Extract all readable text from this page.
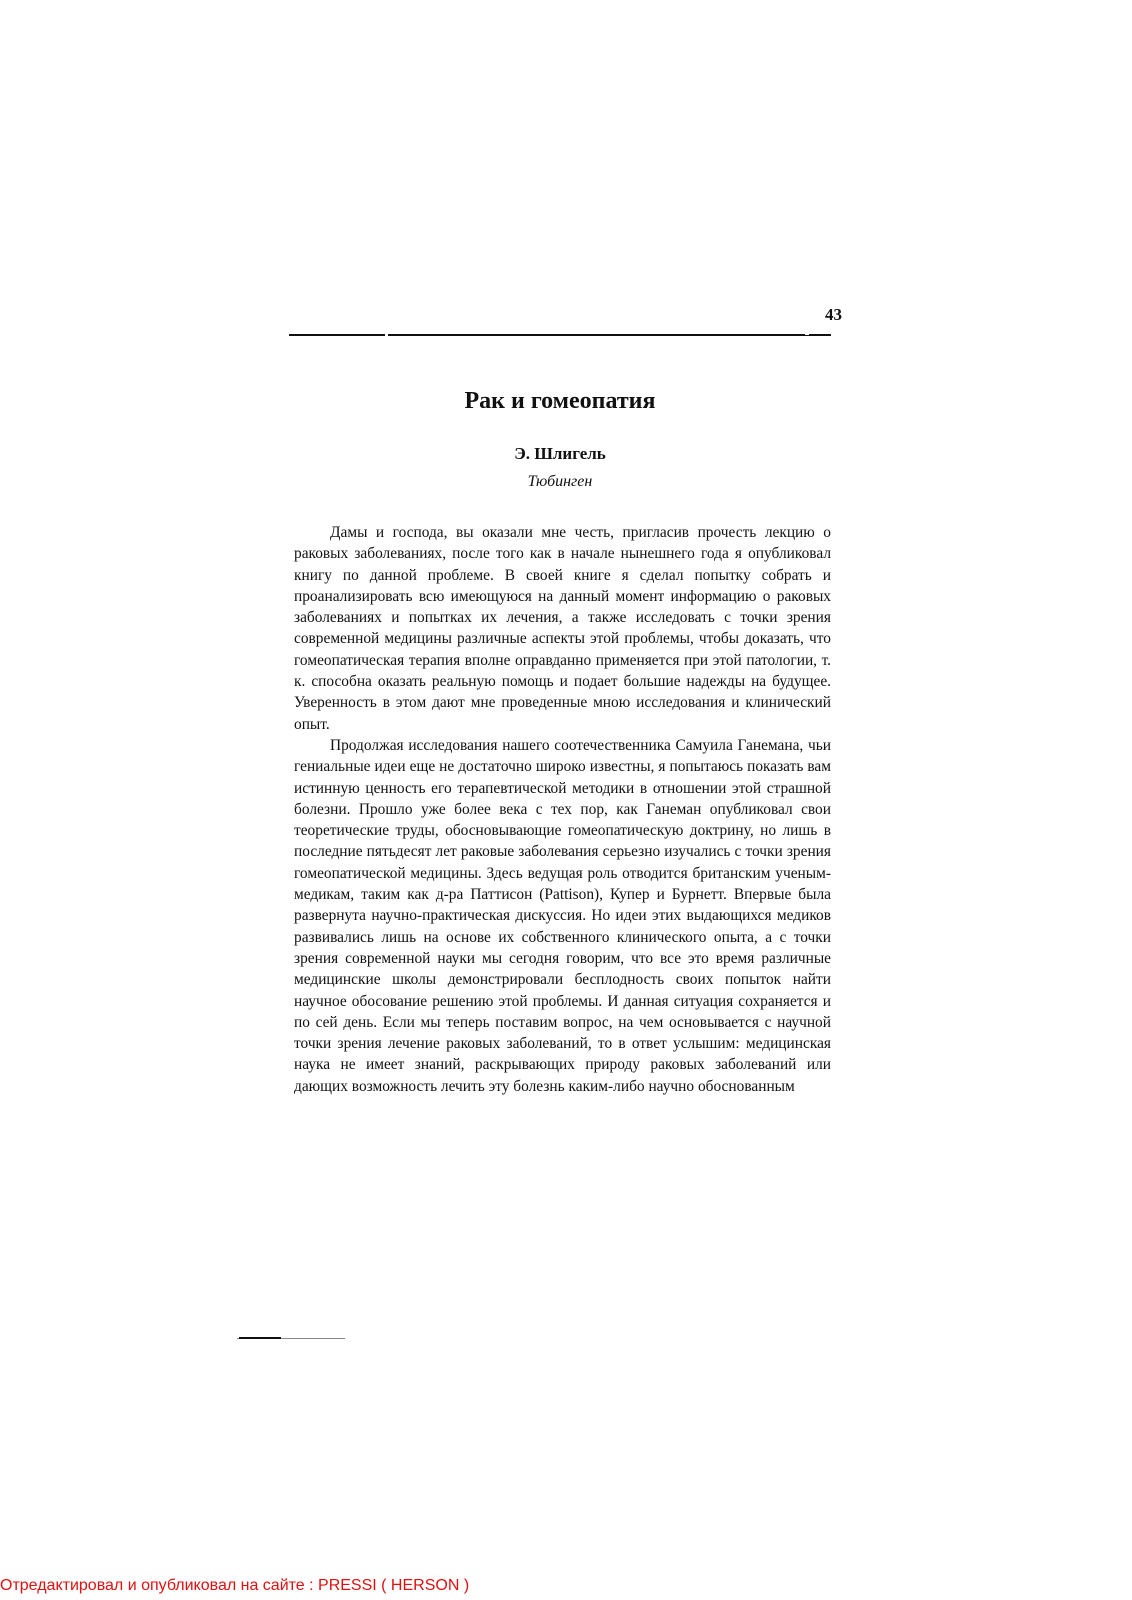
43
Рак и гомеопатия
Э. Шлигель
Тюбинген

Дамы и господа, вы оказали мне честь, пригласив прочесть лекцию о раковых заболеваниях, после того как в начале нынешнего года я опубликовал книгу по данной проблеме. В своей книге я сделал попытку собрать и проанализировать всю имеющуюся на данный момент информацию о раковых заболеваниях и попытках их лечения, а также исследовать с точки зрения современной медицины различные аспекты этой проблемы, чтобы доказать, что гомеопатическая терапия вполне оправданно применяется при этой патологии, т. к. способна оказать реальную помощь и подает большие надежды на будущее. Уверенность в этом дают мне проведенные мною исследования и клинический опыт.

Продолжая исследования нашего соотечественника Самуила Ганемана, чьи гениальные идеи еще не достаточно широко известны, я попытаюсь показать вам истинную ценность его терапевтической методики в отношении этой страшной болезни. Прошло уже более века с тех пор, как Ганеман опубликовал свои теоретические труды, обосновывающие гомеопатическую доктрину, но лишь в последние пятьдесят лет раковые заболевания серьезно изучались с точки зрения гомеопатической медицины. Здесь ведущая роль отводится британским ученым-медикам, таким как д-ра Паттисон (Pattison), Купер и Бурнетт. Впервые была развернута научно-практическая дискуссия. Но идеи этих выдающихся медиков развивались лишь на основе их собственного клинического опыта, а с точки зрения современной науки мы сегодня говорим, что все это время различные медицинские школы демонстрировали бесплодность своих попыток найти научное обосование решению этой проблемы. И данная ситуация сохраняется и по сей день. Если мы теперь поставим вопрос, на чем основывается с научной точки зрения лечение раковых заболеваний, то в ответ услышим: медицинская наука не имеет знаний, раскрывающих природу раковых заболеваний или дающих возможность лечить эту болезнь каким-либо научно обоснованным

Отредактировал и опубликовал на сайте : PRESSI ( HERSON )
